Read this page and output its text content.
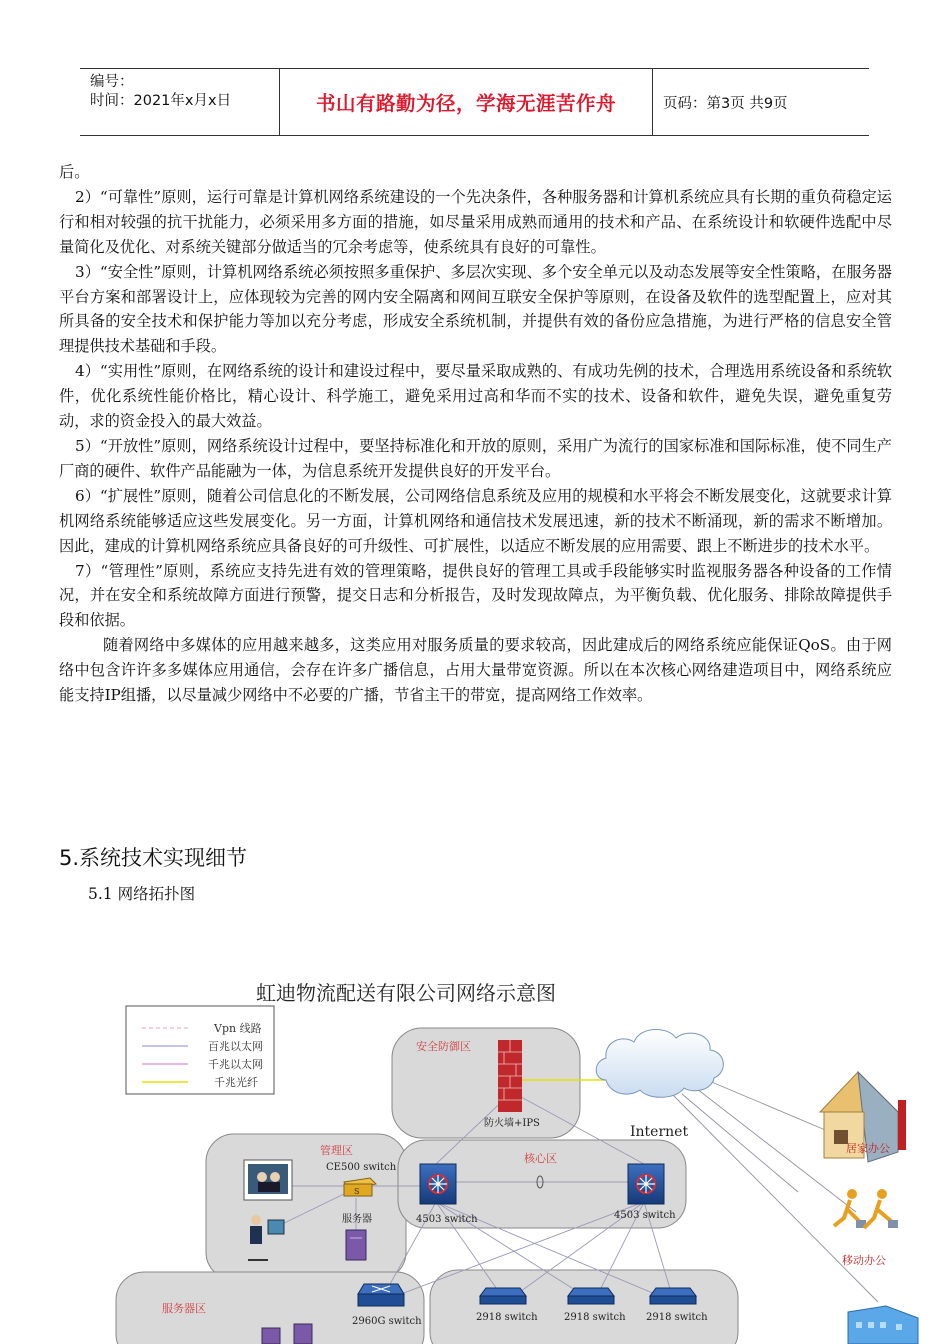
编号：
时间：2021年x月x日	书山有路勤为径，学海无涯苦作舟	页码：第3页 共9页

后。

2）“可靠性”原则，运行可靠是计算机网络系统建设的一个先决条件，各种服务器和计算机系统应具有长期的重负荷稳定运行和相对较强的抗干扰能力，必须采用多方面的措施，如尽量采用成熟而通用的技术和产品、在系统设计和软硬件选配中尽量简化及优化、对系统关键部分做适当的冗余考虑等，使系统具有良好的可靠性。

3）“安全性”原则，计算机网络系统必须按照多重保护、多层次实现、多个安全单元以及动态发展等安全性策略，在服务器平台方案和部署设计上，应体现较为完善的网内安全隔离和网间互联安全保护等原则，在设备及软件的选型配置上，应对其所具备的安全技术和保护能力等加以充分考虑，形成安全系统机制，并提供有效的备份应急措施，为进行严格的信息安全管理提供技术基础和手段。

4）“实用性”原则，在网络系统的设计和建设过程中，要尽量采取成熟的、有成功先例的技术，合理选用系统设备和系统软件，优化系统性能价格比，精心设计、科学施工，避免采用过高和华而不实的技术、设备和软件，避免失误，避免重复劳动，求的资金投入的最大效益。

5）“开放性”原则，网络系统设计过程中，要坚持标准化和开放的原则，采用广为流行的国家标准和国际标准，使不同生产厂商的硬件、软件产品能融为一体，为信息系统开发提供良好的开发平台。

6）“扩展性”原则，随着公司信息化的不断发展，公司网络信息系统及应用的规模和水平将会不断发展变化，这就要求计算机网络系统能够适应这些发展变化。另一方面，计算机网络和通信技术发展迅速，新的技术不断涌现，新的需求不断增加。因此，建成的计算机网络系统应具备良好的可升级性、可扩展性，以适应不断发展的应用需要、跟上不断进步的技术水平。

7）“管理性”原则，系统应支持先进有效的管理策略，提供良好的管理工具或手段能够实时监视服务器各种设备的工作情况，并在安全和系统故障方面进行预警，提交日志和分析报告，及时发现故障点，为平衡负载、优化服务、排除故障提供手段和依据。

随着网络中多媒体的应用越来越多，这类应用对服务质量的要求较高，因此建成后的网络系统应能保证QoS。由于网络中包含许许多多媒体应用通信，会存在许多广播信息，占用大量带宽资源。所以在本次核心网络建造项目中，网络系统应能支持IP组播，以尽量减少网络中不必要的广播，节省主干的带宽，提高网络工作效率。

5.系统技术实现细节
5.1 网络拓扑图
虹迪物流配送有限公司网络示意图
Vpn 线路
百兆以太网
千兆以太网
千兆光纤
安全防御区
管理区
核心区
服务器区
防火墙+IPS
Internet
4503 switch	4503 switch
S
CE500 switch
服务器
2960G switch	2918 switch	2918 switch 2918 switch
居家办公
移动办公
